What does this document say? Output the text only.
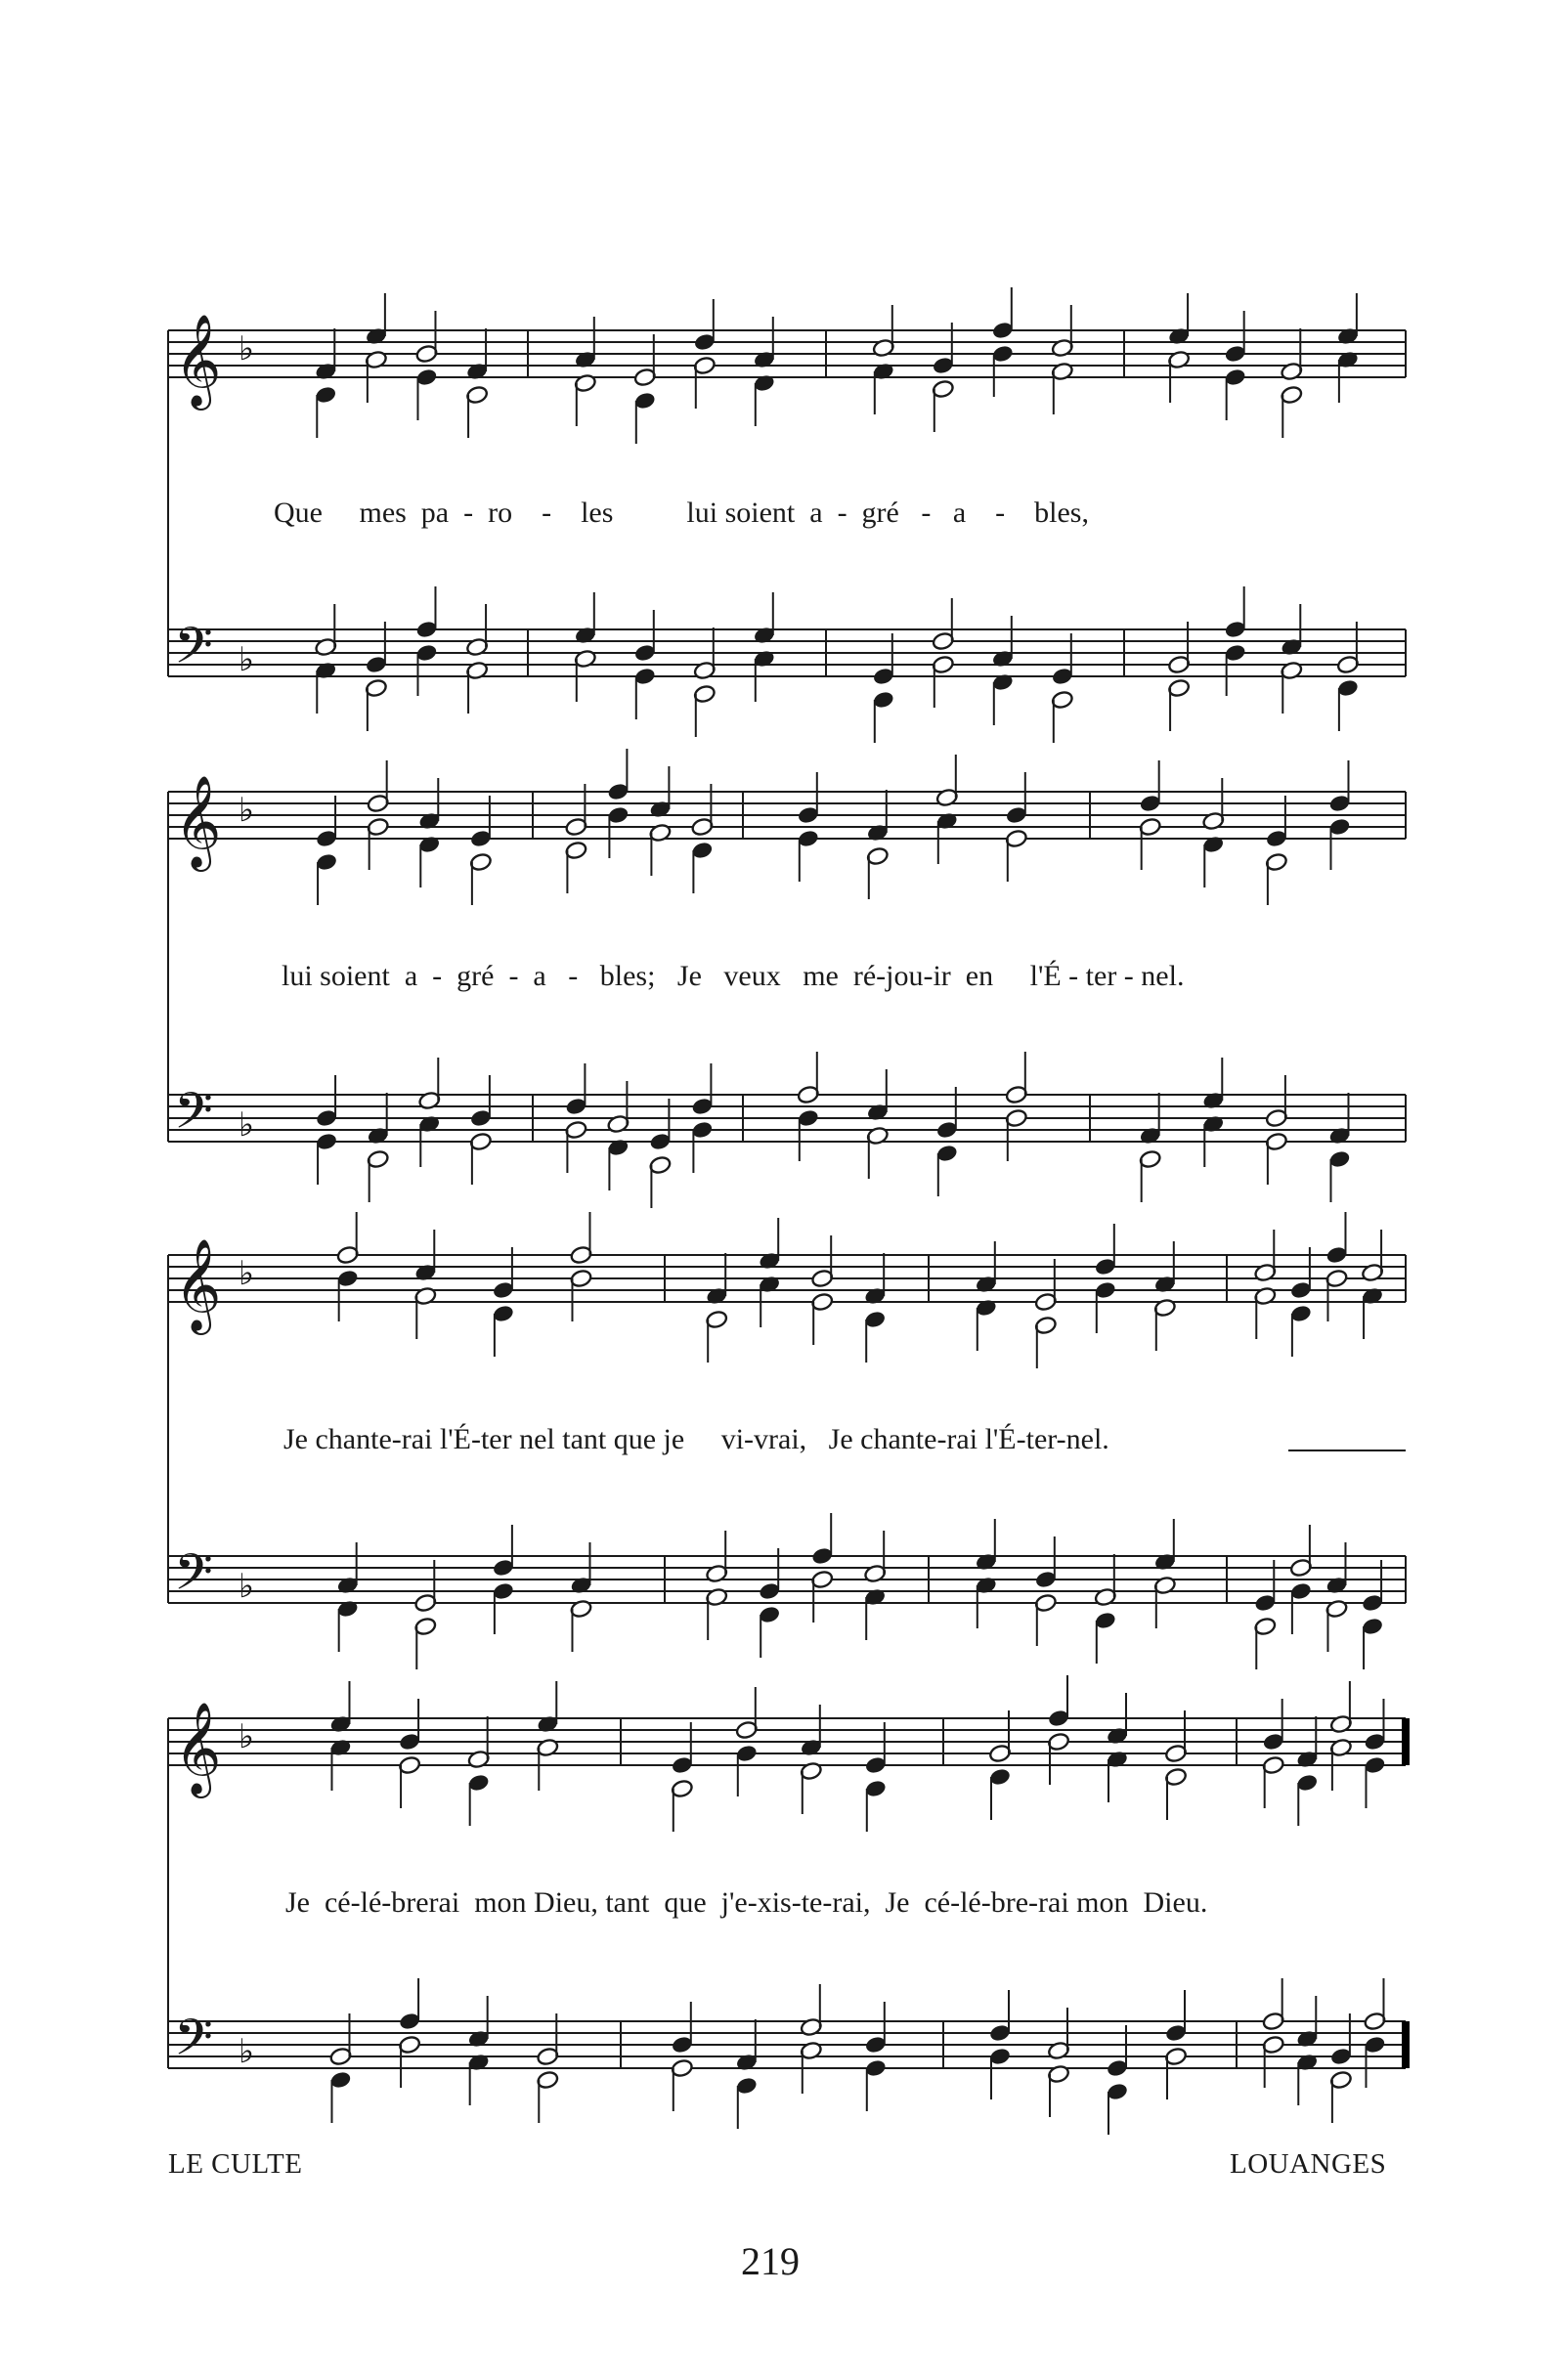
𝄞
𝄢
♭
♭
𝄞
𝄢
♭
♭
𝄞
𝄢
♭
♭
𝄞
𝄢
♭
♭
Que     mes  pa  -  ro    -    les          lui soient  a  -  gré   -   a    -    bles,
lui soient  a  -  gré  -  a   -   bles;   Je   veux   me  ré-jou-ir  en     l'É - ter - nel.
Je chante-rai l'É-ter nel tant que je     vi-vrai,   Je chante-rai l'É-ter-nel.
Je  cé-lé-brerai  mon Dieu, tant  que  j'e-xis-te-rai,  Je  cé-lé-bre-rai mon  Dieu.
LE CULTE	LOUANGES
219
